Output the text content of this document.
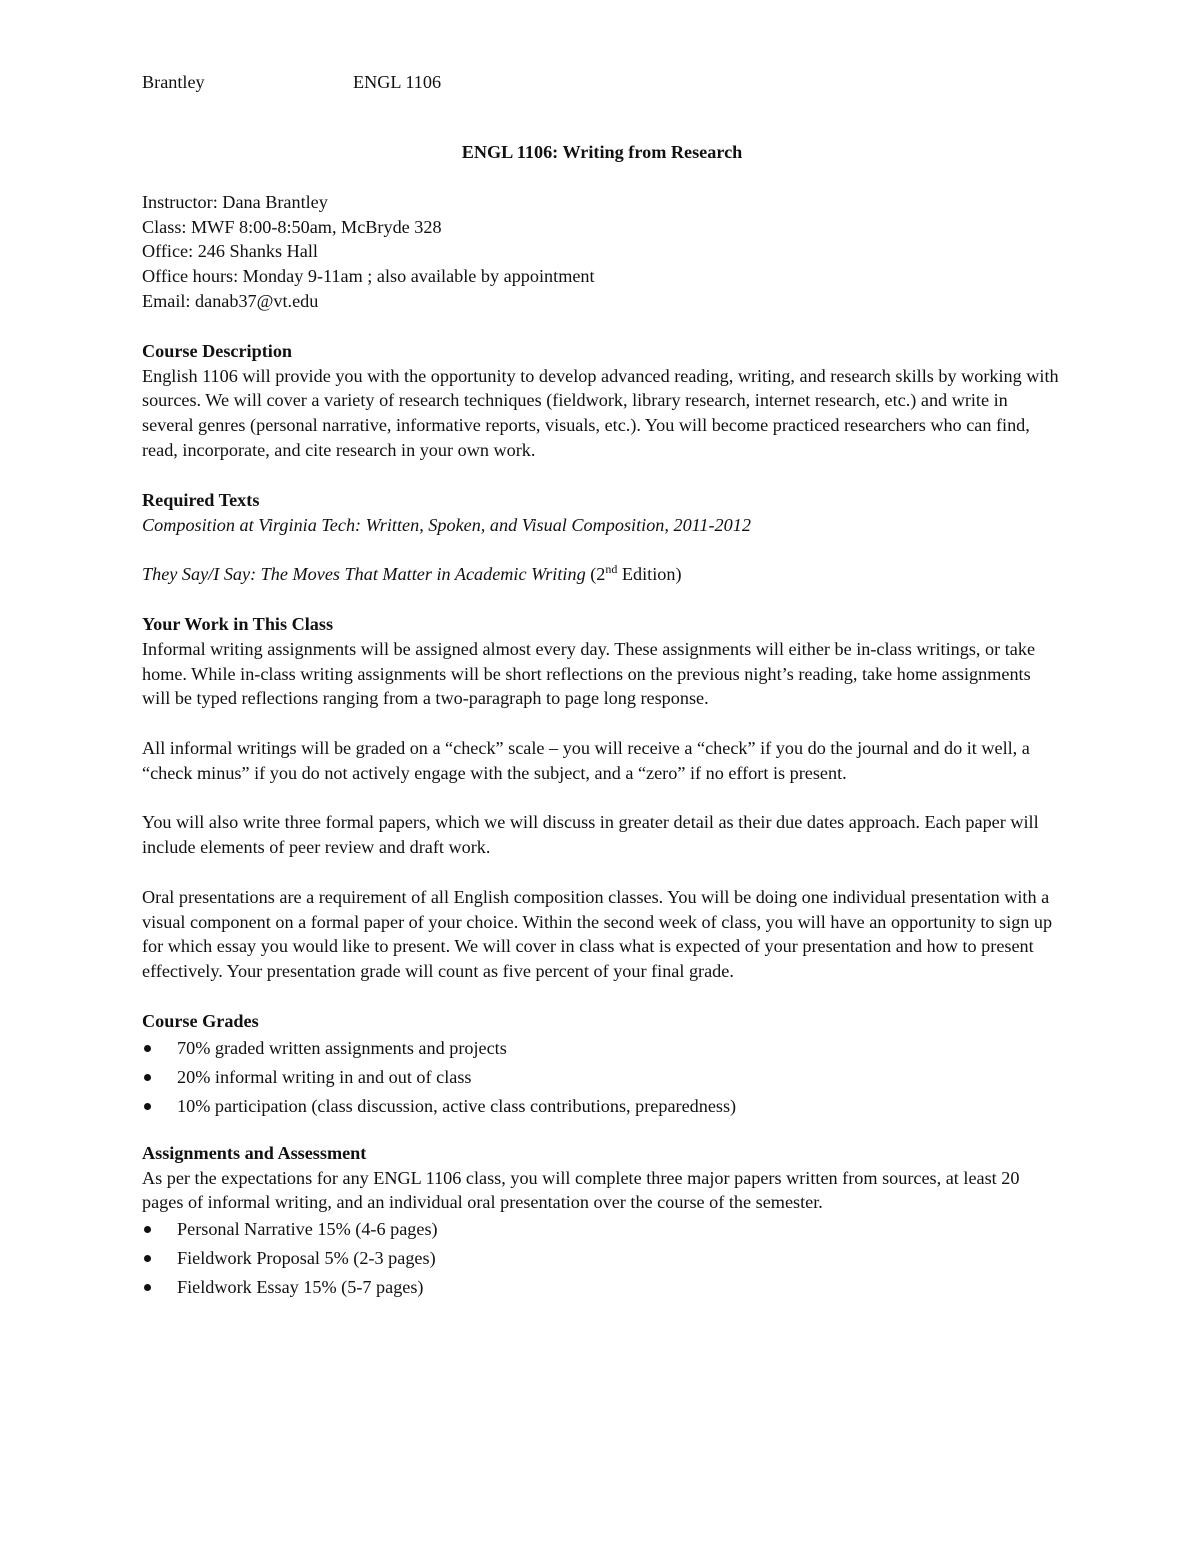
Brantley	ENGL 1106
ENGL 1106: Writing from Research
Instructor: Dana Brantley
Class: MWF 8:00-8:50am, McBryde 328
Office: 246 Shanks Hall
Office hours: Monday 9-11am ; also available by appointment
Email: danab37@vt.edu
Course Description

English 1106 will provide you with the opportunity to develop advanced reading, writing, and research skills by working with sources. We will cover a variety of research techniques (fieldwork, library research, internet research, etc.) and write in several genres (personal narrative, informative reports, visuals, etc.). You will become practiced researchers who can find, read, incorporate, and cite research in your own work.

Required Texts
Composition at Virginia Tech: Written, Spoken, and Visual Composition, 2011-2012
They Say/I Say: The Moves That Matter in Academic Writing (2nd Edition)
Your Work in This Class

Informal writing assignments will be assigned almost every day. These assignments will either be in-class writings, or take home. While in-class writing assignments will be short reflections on the previous night’s reading, take home assignments will be typed reflections ranging from a two-paragraph to page long response.

All informal writings will be graded on a “check” scale – you will receive a “check” if you do the journal and do it well, a “check minus” if you do not actively engage with the subject, and a “zero” if no effort is present.

You will also write three formal papers, which we will discuss in greater detail as their due dates approach. Each paper will include elements of peer review and draft work.

Oral presentations are a requirement of all English composition classes. You will be doing one individual presentation with a visual component on a formal paper of your choice. Within the second week of class, you will have an opportunity to sign up for which essay you would like to present. We will cover in class what is expected of your presentation and how to present effectively. Your presentation grade will count as five percent of your final grade.

Course Grades
70% graded written assignments and projects
20% informal writing in and out of class
10% participation (class discussion, active class contributions, preparedness)
Assignments and Assessment

As per the expectations for any ENGL 1106 class, you will complete three major papers written from sources, at least 20 pages of informal writing, and an individual oral presentation over the course of the semester.

Personal Narrative 15% (4-6 pages)
Fieldwork Proposal 5% (2-3 pages)
Fieldwork Essay 15% (5-7 pages)
